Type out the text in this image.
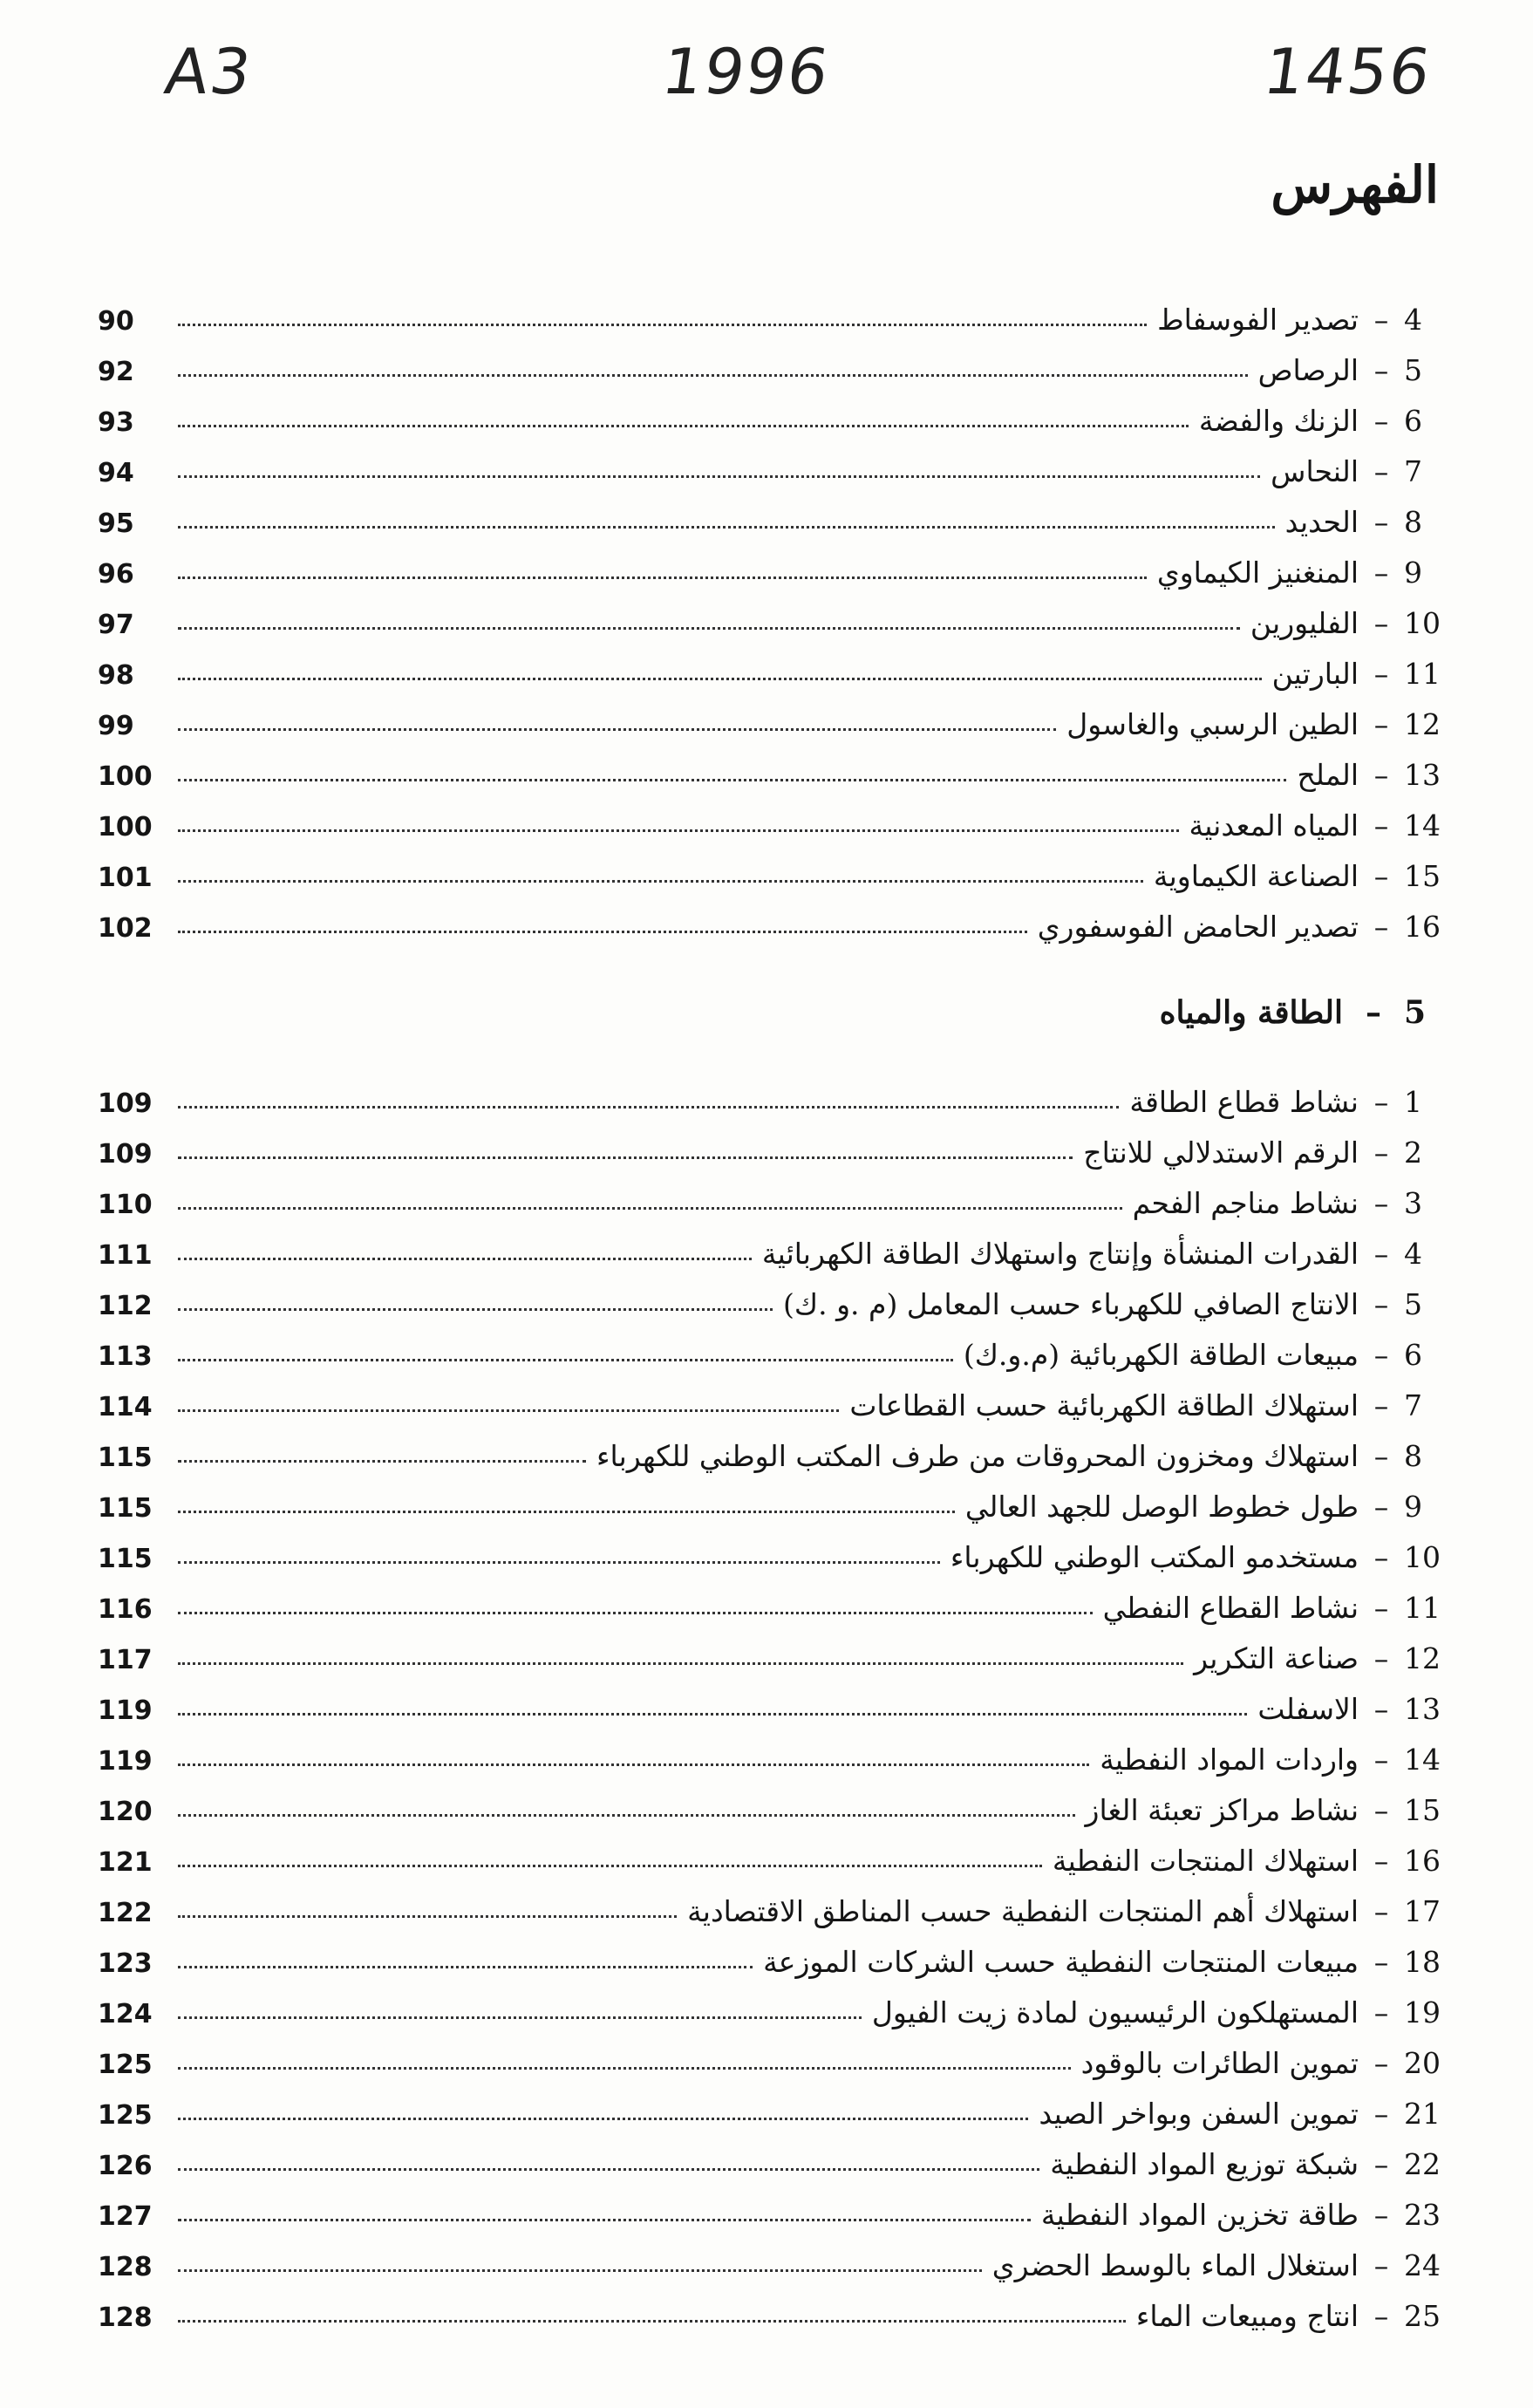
A3	1996	1456
الفهرس
4
–
تصدير الفوسفاط
90
5
–
الرصاص
92
6
–
الزنك والفضة
93
7
–
النحاس
94
8
–
الحديد
95
9
–
المنغنيز الكيماوي
96
10
–
الفليورين
97
11
–
البارتين
98
12
–
الطين الرسبي والغاسول
99
13
–
الملح
100
14
–
المياه المعدنية
100
15
–
الصناعة الكيماوية
101
16
–
تصدير الحامض الفوسفوري
102
5
–
الطاقة والمياه
1
–
نشاط قطاع الطاقة
109
2
–
الرقم الاستدلالي للانتاج
109
3
–
نشاط مناجم الفحم
110
4
–
القدرات المنشأة وإنتاج واستهلاك الطاقة الكهربائية
111
5
–
الانتاج الصافي للكهرباء حسب المعامل (م .و .ك)
112
6
–
مبيعات الطاقة الكهربائية (م.و.ك)
113
7
–
استهلاك الطاقة الكهربائية حسب القطاعات
114
8
–
استهلاك ومخزون المحروقات من طرف المكتب الوطني للكهرباء
115
9
–
طول خطوط الوصل للجهد العالي
115
10
–
مستخدمو المكتب الوطني للكهرباء
115
11
–
نشاط القطاع النفطي
116
12
–
صناعة التكرير
117
13
–
الاسفلت
119
14
–
واردات المواد النفطية
119
15
–
نشاط مراكز تعبئة الغاز
120
16
–
استهلاك المنتجات النفطية
121
17
–
استهلاك أهم المنتجات النفطية حسب المناطق الاقتصادية
122
18
–
مبيعات المنتجات النفطية حسب الشركات الموزعة
123
19
–
المستهلكون الرئيسيون لمادة زيت الفيول
124
20
–
تموين الطائرات بالوقود
125
21
–
تموين السفن وبواخر الصيد
125
22
–
شبكة توزيع المواد النفطية
126
23
–
طاقة تخزين المواد النفطية
127
24
–
استغلال الماء بالوسط الحضري
128
25
–
انتاج ومبيعات الماء
128
